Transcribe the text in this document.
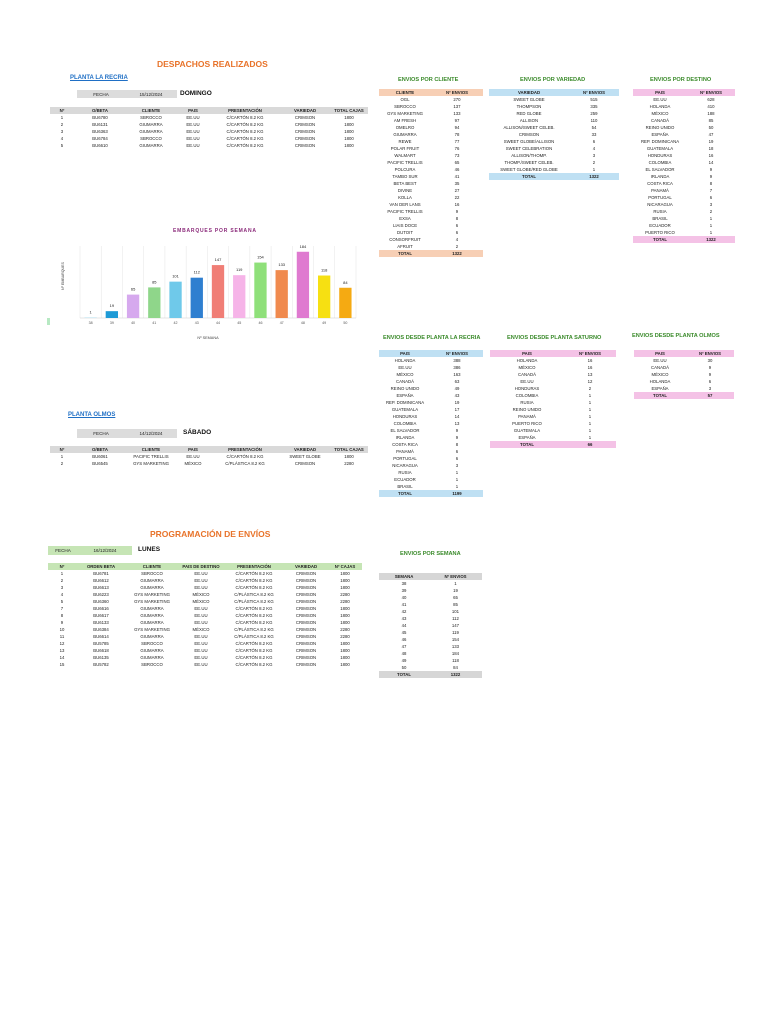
DESPACHOS REALIZADOS
PLANTA LA RECRIA
FECHA	15/12/2024	DOMINGO
Nº	O/BETA	CLIENTE	PAIS	PRESENTACIÓN	VARIEDAD	TOTAL CAJAS
1	BU6780	SBROCCO	EE.UU	C/CARTÓN 8.2 KG	CRIMSON	1800
2	BU6131	GIUMARRA	EE.UU	C/CARTÓN 8.2 KG	CRIMSON	1800
3	BU6363	GIUMARRA	EE.UU	C/CARTÓN 8.2 KG	CRIMSON	1800
4	BU6784	SBROCCO	EE.UU	C/CARTÓN 8.2 KG	CRIMSON	1800
5	BU6610	GIUMARRA	EE.UU	C/CARTÓN 8.2 KG	CRIMSON	1800
PLANTA OLMOS
FECHA	14/12/2024	SÁBADO
Nº	O/BETA	CLIENTE	PAIS	PRESENTACIÓN	VARIEDAD	TOTAL CAJAS
1	BU6061	PACIFIC TRELLIS	EE.UU	C/CARTÓN 8.2 KG	SWEET GLOBE	1800
2	BU6545	GYS MARKETING	MÉXICO	C/PLÁSTICA 8.2 KG	CRIMSON	2280
PROGRAMACIÓN DE ENVÍOS
FECHA	16/12/2024	LUNES
Nº	ORDEN BETA	CLIENTE	PAIS DE DESTINO	PRESENTACIÓN	VARIEDAD	Nº CAJAS
1	BU6781	SBROCCO	EE.UU	C/CARTÓN 8.2 KG	CRIMSON	1800
2	BU6612	GIUMARRA	EE.UU	C/CARTÓN 8.2 KG	CRIMSON	1800
3	BU6613	GIUMARRA	EE.UU	C/CARTÓN 8.2 KG	CRIMSON	1800
4	BU6223	GYS MARKETING	MÉXICO	C/PLÁSTICA 8.2 KG	CRIMSON	2280
5	BU6360	GYS MARKETING	MÉXICO	C/PLÁSTICA 8.2 KG	CRIMSON	2280
7	BU6616	GIUMARRA	EE.UU	C/CARTÓN 8.2 KG	CRIMSON	1800
8	BU6617	GIUMARRA	EE.UU	C/CARTÓN 8.2 KG	CRIMSON	1800
9	BU6133	GIUMARRA	EE.UU	C/CARTÓN 8.2 KG	CRIMSON	1800
10	BU6384	GYS MARKETING	MÉXICO	C/PLÁSTICA 8.2 KG	CRIMSON	2280
11	BU6614	GIUMARRA	EE.UU	C/PLÁSTICA 8.2 KG	CRIMSON	2280
12	BU5785	SBROCCO	EE.UU	C/CARTÓN 8.2 KG	CRIMSON	1800
13	BU6618	GIUMARRA	EE.UU	C/CARTÓN 8.2 KG	CRIMSON	1800
14	BU6135	GIUMARRA	EE.UU	C/CARTÓN 8.2 KG	CRIMSON	1800
15	BU5782	SBROCCO	EE.UU	C/CARTÓN 8.2 KG	CRIMSON	1800
EMBARQUES POR SEMANA
1
38
19
39
65
40
85
41
101
42
112
43
147
44
119
45
154
46
133
47
184
48
118
49
84
50
Nº SEMANA
Nº EMBARQUES
ENVIOS POR CLIENTE
CLIENTE	Nº ENVIOS
OGL	270
SBROCCO	137
GYS MARKETING	133
AM FRESH	97
OMELRO	94
GIUMARRA	78
REWE	77
POLAR FRUIT	76
WALMART	73
PACIFIC TRELLIS	65
POLCURA	46
TAMBO SUR	41
BETA BEST	35
DIVINE	27
KOLLA	22
VAN DER LANS	16
PACIFIC TRELLIS	9
EXSA	8
LIAIS DOCE	6
DUTOIT	6
CONSORFRUIT	4
AFRUIT	2
TOTAL	1322
ENVIOS POR VARIEDAD
VARIEDAD	Nº ENVIOS
SWEET GLOBE	515
THOMPSON	335
RED GLOBE	259
ALLISON	110
ALLISON/SWEET CELEB.	54
CRIMSON	33
SWEET GLOBE/ALLISON	6
SWEET CELEBRATION	4
ALLISON/THOMP.	3
THOMP./SWEET CELEB.	2
SWEET GLOBE/RED GLOBE	1
TOTAL	1322
ENVIOS POR DESTINO
PAIS	Nº ENVIOS
EE.UU	628
HOLANDA	410
MÉXICO	188
CANADÁ	85
REINO UNIDO	50
ESPAÑA	47
REP. DOMINICANA	19
GUATEMALA	18
HONDURAS	16
COLOMBIA	14
EL SALVADOR	9
IRLANDA	9
COSTA RICA	8
PANAMÁ	7
PORTUGAL	6
NICARAGUA	3
RUSIA	2
BRASIL	1
ECUADOR	1
PUERTO RICO	1
TOTAL	1322
ENVIOS DESDE PLANTA LA RECRIA
PAIS	Nº ENVIOS
HOLANDA	388
EE.UU	386
MÉXICO	163
CANADÁ	63
REINO UNIDO	49
ESPAÑA	43
REP. DOMINICANA	19
GUATEMALA	17
HONDURAS	14
COLOMBIA	13
EL SALVADOR	9
IRLANDA	9
COSTA RICA	8
PANAMÁ	6
PORTUGAL	6
NICARAGUA	3
RUSIA	1
ECUADOR	1
BRASIL	1
TOTAL	1199
ENVIOS DESDE PLANTA SATURNO
PAIS	Nº ENVIOS
HOLANDA	16
MÉXICO	16
CANADÁ	13
EE.UU	12
HONDURAS	2
COLOMBIA	1
RUSIA	1
REINO UNIDO	1
PANAMÁ	1
PUERTO RICO	1
GUATEMALA	1
ESPAÑA	1
TOTAL	66
ENVIOS DESDE PLANTA OLMOS
PAIS	Nº ENVIOS
EE.UU	30
CANADÁ	9
MÉXICO	9
HOLANDA	6
ESPAÑA	3
TOTAL	57
ENVIOS POR SEMANA
SEMANA	Nº ENVIOS
38	1
39	19
40	65
41	85
42	101
43	112
44	147
45	119
46	154
47	133
48	184
49	118
50	84
TOTAL	1322
